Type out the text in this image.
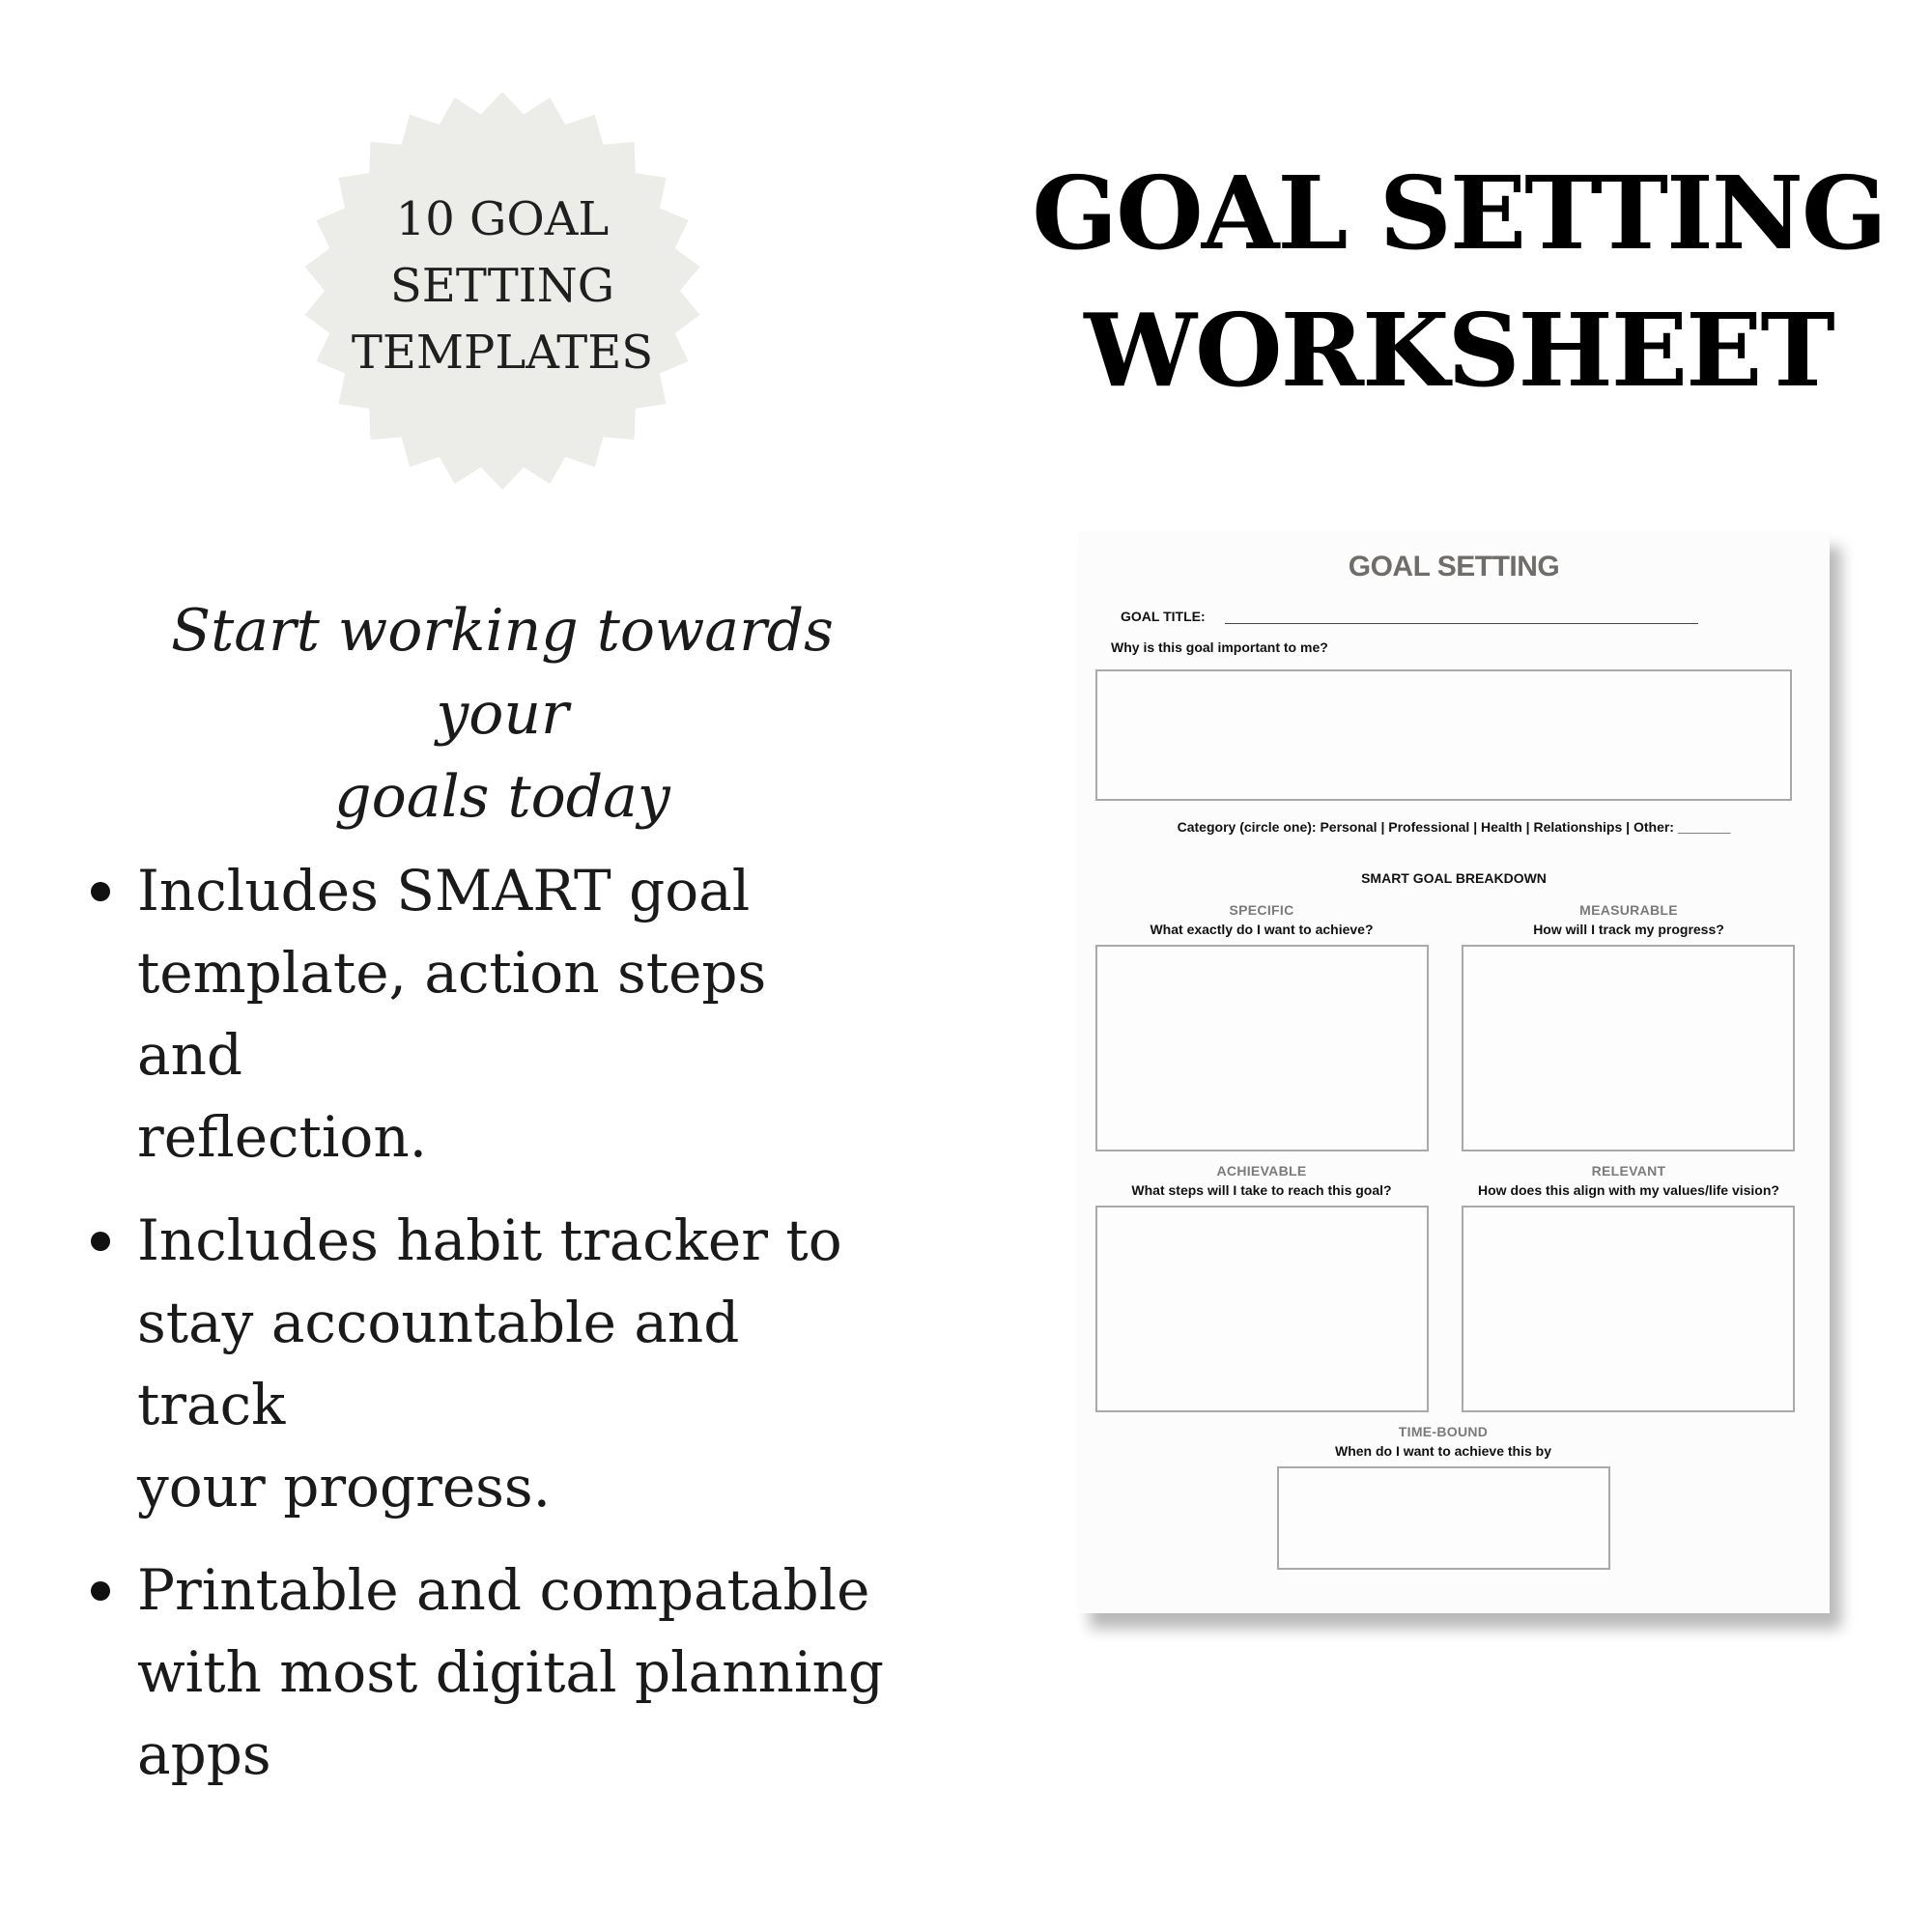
10 GOAL
SETTING
TEMPLATES
GOAL SETTING
WORKSHEET
Start working towards your
goals today
Includes SMART goal
template, action steps and
reflection.
Includes habit tracker to
stay accountable and track
your progress.
Printable and compatable
with most digital planning
apps
GOAL SETTING
GOAL TITLE:
Why is this goal important to me?
Category (circle one): Personal | Professional | Health | Relationships | Other: _______
SMART GOAL BREAKDOWN
SPECIFIC
What exactly do I want to achieve?
MEASURABLE
How will I track my progress?
ACHIEVABLE
What steps will I take to reach this goal?
RELEVANT
How does this align with my values/life vision?
TIME-BOUND
When do I want to achieve this by
